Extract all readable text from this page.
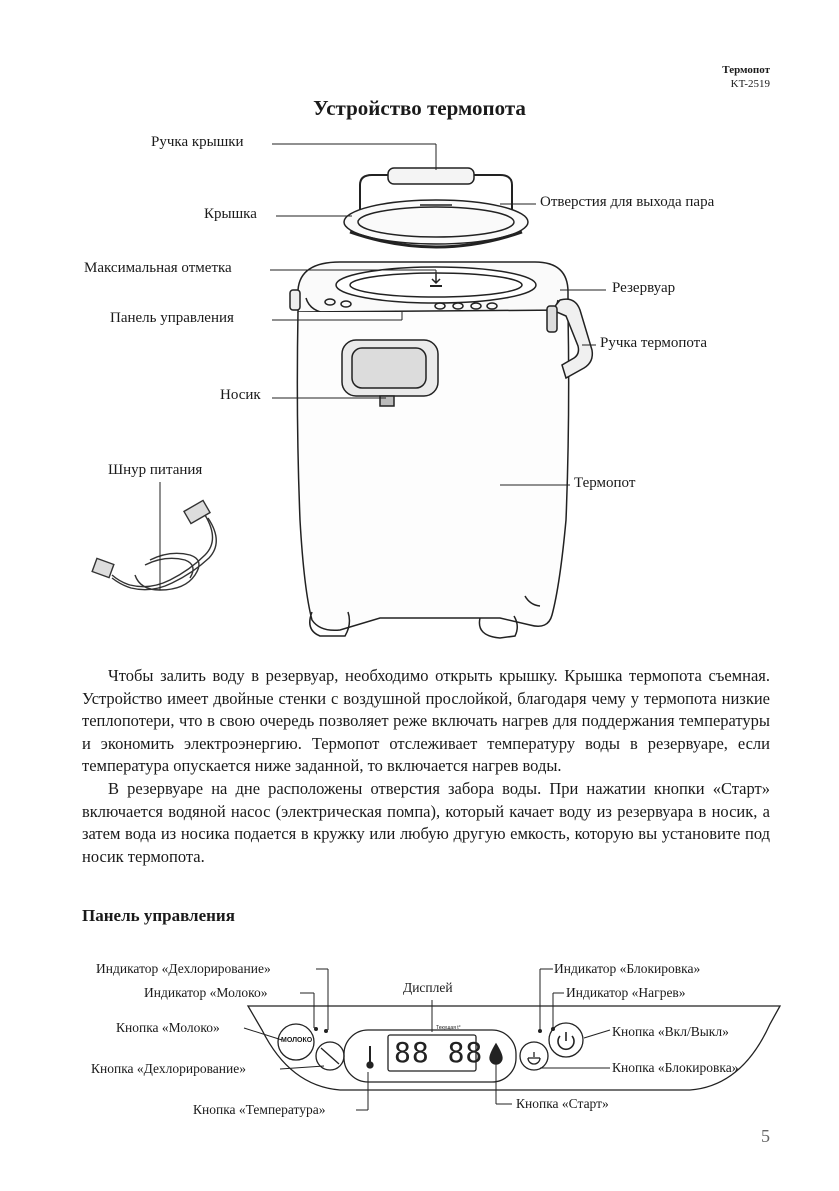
Термопот
KT-2519
Устройство термопота
Ручка крышки
Крышка
Отверстия для выхода пара
Максимальная отметка
Резервуар
Панель управления
Ручка термопота
Носик
Шнур питания
Термопот

Чтобы залить воду в резервуар, необходимо открыть крышку. Крышка термопота съемная. Устройство имеет двойные стенки с воздушной прослойкой, благодаря чему у термопота низкие теплопотери, что в свою очередь позволяет реже включать нагрев для поддержания температуры и экономить электроэнергию. Термопот отслеживает температуру воды в резервуаре, если температура опускается ниже заданной, то включается нагрев воды.

В резервуаре на дне расположены отверстия забора воды. При нажатии кнопки «Старт» включается водяной насос (электрическая помпа), который качает воду из резервуара в носик, а затем вода из носика подается в кружку или любую другую емкость, которую вы установите под носик термопота.

Панель управления
МОЛОКО
Текущая t°
88 88
Индикатор «Дехлорирование»
Индикатор «Молоко»
Кнопка «Молоко»
Кнопка «Дехлорирование»
Кнопка «Температура»
Дисплей
Кнопка «Старт»
Индикатор «Блокировка»
Индикатор «Нагрев»
Кнопка «Вкл/Выкл»
Кнопка «Блокировка»
5
